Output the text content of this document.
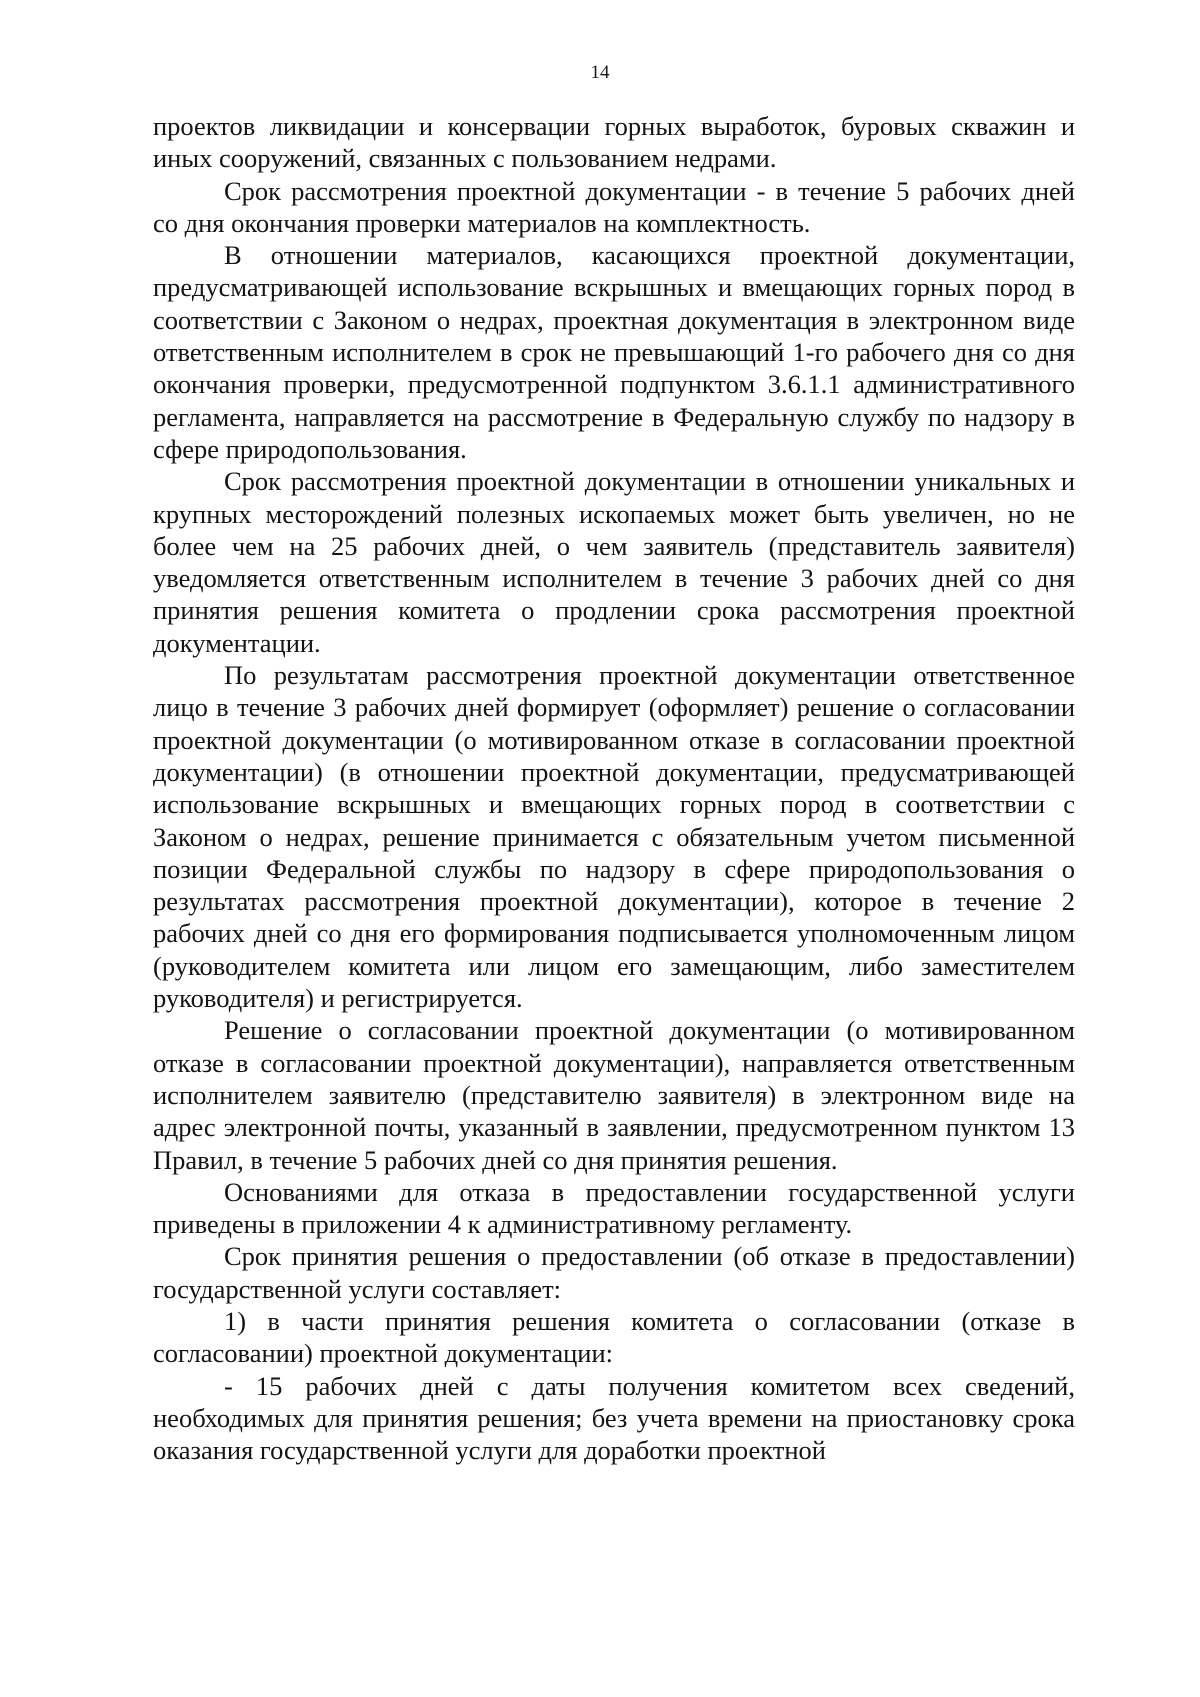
14

проектов ликвидации и консервации горных выработок, буровых скважин и иных сооружений, связанных с пользованием недрами.

Срок рассмотрения проектной документации - в течение 5 рабочих дней со дня окончания проверки материалов на комплектность.

В отношении материалов, касающихся проектной документации, предусматривающей использование вскрышных и вмещающих горных пород в соответствии с Законом о недрах, проектная документация в электронном виде ответственным исполнителем в срок не превышающий 1-го рабочего дня со дня окончания проверки, предусмотренной подпунктом 3.6.1.1 административного регламента, направляется на рассмотрение в Федеральную службу по надзору в сфере природопользования.

Срок рассмотрения проектной документации в отношении уникальных и крупных месторождений полезных ископаемых может быть увеличен, но не более чем на 25 рабочих дней, о чем заявитель (представитель заявителя) уведомляется ответственным исполнителем в течение 3 рабочих дней со дня принятия решения комитета о продлении срока рассмотрения проектной документации.

По результатам рассмотрения проектной документации ответственное лицо в течение 3 рабочих дней формирует (оформляет) решение о согласовании проектной документации (о мотивированном отказе в согласовании проектной документации) (в отношении проектной документации, предусматривающей использование вскрышных и вмещающих горных пород в соответствии с Законом о недрах, решение принимается с обязательным учетом письменной позиции Федеральной службы по надзору в сфере природопользования о результатах рассмотрения проектной документации), которое в течение 2 рабочих дней со дня его формирования подписывается уполномоченным лицом (руководителем комитета или лицом его замещающим, либо заместителем руководителя) и регистрируется.

Решение о согласовании проектной документации (о мотивированном отказе в согласовании проектной документации), направляется ответственным исполнителем заявителю (представителю заявителя) в электронном виде на адрес электронной почты, указанный в заявлении, предусмотренном пунктом 13 Правил, в течение 5 рабочих дней со дня принятия решения.

Основаниями для отказа в предоставлении государственной услуги приведены в приложении 4 к административному регламенту.

Срок принятия решения о предоставлении (об отказе в предоставлении) государственной услуги составляет:

1) в части принятия решения комитета о согласовании (отказе в согласовании) проектной документации:

- 15 рабочих дней с даты получения комитетом всех сведений, необходимых для принятия решения; без учета времени на приостановку срока оказания государственной услуги для доработки проектной
